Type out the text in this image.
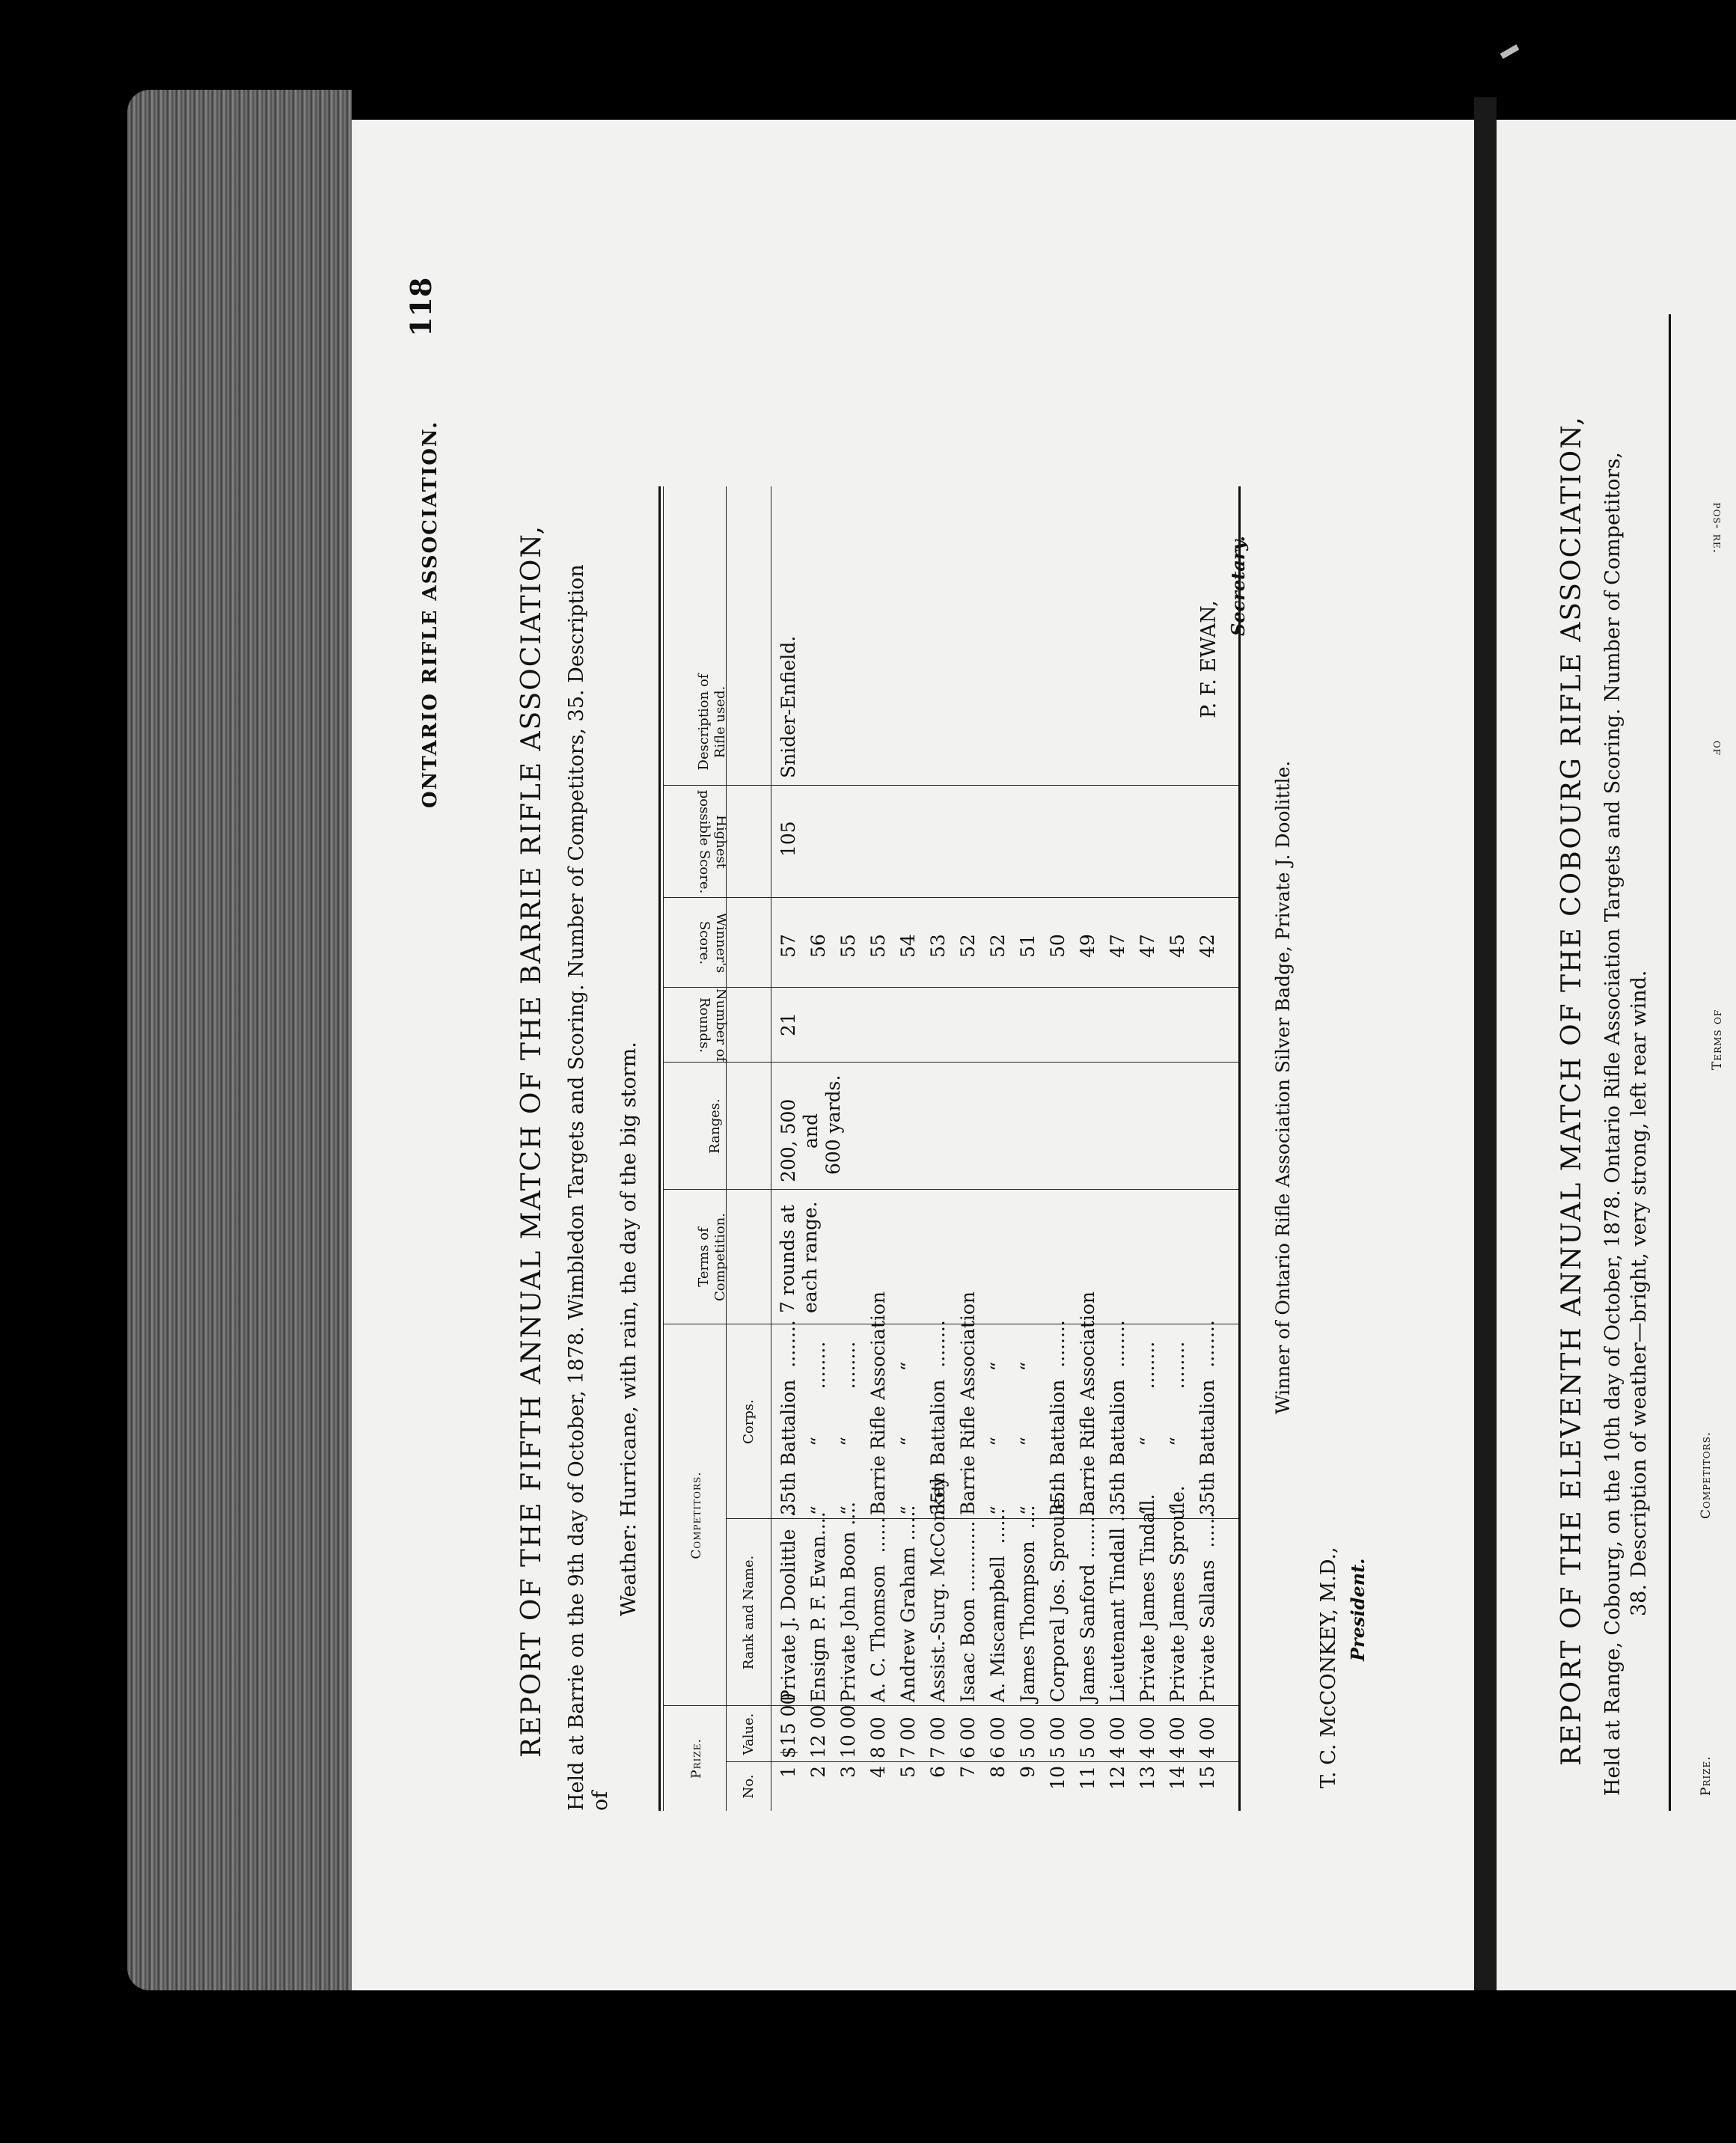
118
ONTARIO RIFLE ASSOCIATION.	REPORT OF THE FIFTH ANNUAL MATCH OF THE BARRIE RIFLE ASSOCIATION, Held at Barrie on the 9th day of October, 1878. Wimbledon Targets and Scoring. Number of Competitors, 35. Description of
Weather: Hurricane, with rain, the day of the big storm.
Prize.
No.
Value.
Competitors.
Rank and Name.
Corps.
Terms of Competition.
Ranges.
Number of Rounds.
Winner's Score.
Highest possible Score.
Description of Rifle used.
1
$15 00
Private J. Doolittle  ..
35th Battalion  ........
57
2
12 00
Ensign P. F. Ewan....
“          “        ........
56
3
10 00
Private John Boon ....
“          “        ........
55
4
8 00
A. C. Thomson  ......
Barrie Rifle Association
55
5
7 00
Andrew Graham ......
“          “           “
54
6
7 00
Assist.-Surg. McConkey
35th Battalion  ........
53
7
6 00
Isaac Boon ............
Barrie Rifle Association
52
8
6 00
A. Miscampbell  ......
“          “           “
52
9
5 00
James Thompson  ....
“          “           “
51
10
5 00
Corporal Jos. Sproule..
35th Battalion  ........
50
11
5 00
James Sanford ........
Barrie Rifle Association
49
12
4 00
Lieutenant Tindall ....
35th Battalion  ........
47
13
4 00
Private James Tindall.
“          “        ........
47
14
4 00
Private James Sproule.
“          “        ........
45
15
4 00
Private Sallans  ......
35th Battalion  ........
42
7 rounds at each range.
200, 500 and 600 yards.
21
105
Snider-Enfield.
Winner of Ontario Rifle Association Silver Badge, Private J. Doolittle.
T. C. McCONKEY, M.D., President.
P. F. EWAN,
Secretary.	REPORT OF THE ELEVENTH ANNUAL MATCH OF THE COBOURG RIFLE ASSOCIATION, Held at Range, Cobourg, on the 10th day of October, 1878. Ontario Rifle Association Targets and Scoring. Number of Competitors, 38. Description of weather—bright, very strong, left rear wind.
Prize.
Competitors.
Terms of
of
pos- re.
